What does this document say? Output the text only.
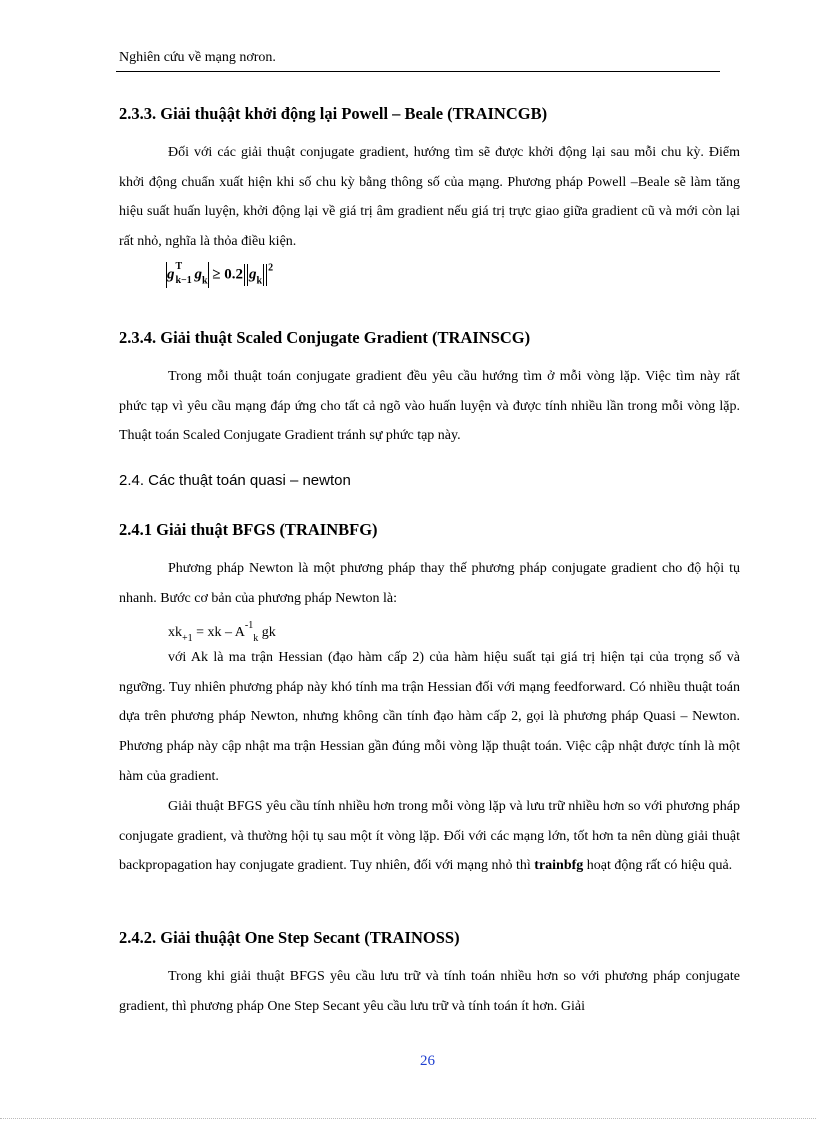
Nghiên cứu về mạng nơron.
2.3.3. Giải thuậật khởi động lại Powell – Beale (TRAINCGB)
Đối với các giải thuật conjugate gradient, hướng tìm sẽ được khởi động lại sau mỗi chu kỳ. Điểm khởi động chuẩn xuất hiện khi số chu kỳ bằng thông số của mạng. Phương pháp Powell –Beale sẽ làm tăng hiệu suất huấn luyện, khởi động lại về giá trị âm gradient nếu giá trị trực giao giữa gradient cũ và mới còn lại rất nhỏ, nghĩa là thỏa điều kiện.
g T
k−1 $g_k \ge 0.2$ $g_k^2$
2.3.4. Giải thuật Scaled Conjugate Gradient (TRAINSCG)
Trong mỗi thuật toán conjugate gradient đều yêu cầu hướng tìm ở mỗi vòng lặp. Việc tìm này rất phức tạp vì yêu cầu mạng đáp ứng cho tất cả ngõ vào huấn luyện và được tính nhiều lần trong mỗi vòng lặp. Thuật toán Scaled Conjugate Gradient tránh sự phức tạp này.
2.4. Các thuật toán quasi – newton
2.4.1 Giải thuật BFGS (TRAINBFG)
Phương pháp Newton là một phương pháp thay thế phương pháp conjugate gradient cho độ hội tụ nhanh. Bước cơ bản của phương pháp Newton là:
$xk_{+1}$ = xk – $A^{-1}_k$ gk
với Ak là ma trận Hessian (đạo hàm cấp 2) của hàm hiệu suất tại giá trị hiện tại của trọng số và ngưỡng. Tuy nhiên phương pháp này khó tính ma trận Hessian đối với mạng feedforward. Có nhiều thuật toán dựa trên phương pháp Newton, nhưng không cần tính đạo hàm cấp 2, gọi là phương pháp Quasi – Newton. Phương pháp này cập nhật ma trận Hessian gần đúng mỗi vòng lặp thuật toán. Việc cập nhật được tính là một hàm của gradient.
Giải thuật BFGS yêu cầu tính nhiều hơn trong mỗi vòng lặp và lưu trữ nhiều hơn so với phương pháp conjugate gradient, và thường hội tụ sau một ít vòng lặp. Đối với các mạng lớn, tốt hơn ta nên dùng giải thuật backpropagation hay conjugate gradient. Tuy nhiên, đối với mạng nhỏ thì trainbfg hoạt động rất có hiệu quả.
2.4.2. Giải thuậật One Step Secant (TRAINOSS)
Trong khi giải thuật BFGS yêu cầu lưu trữ và tính toán nhiều hơn so với phương pháp conjugate gradient, thì phương pháp One Step Secant yêu cầu lưu trữ và tính toán ít hơn. Giải
26
